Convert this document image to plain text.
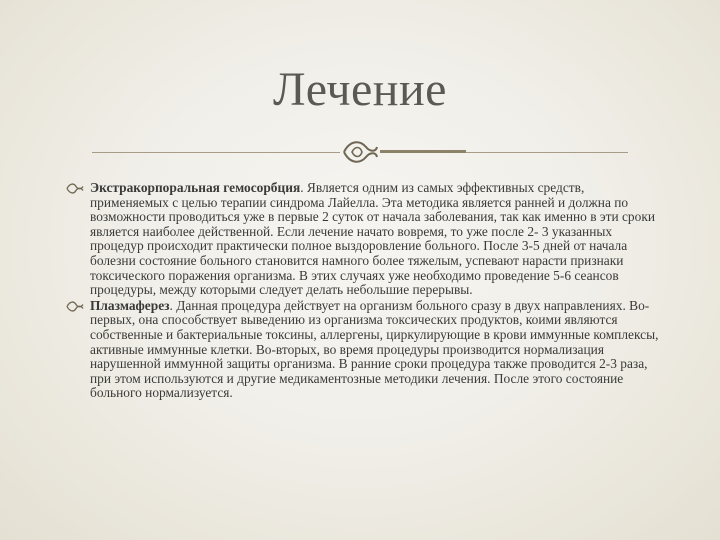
Лечение
Экстракорпоральная гемосорбция. Является одним из самых эффективных средств, применяемых с целью терапии синдрома Лайелла. Эта методика является ранней и должна по возможности проводиться уже в первые 2 суток от начала заболевания, так как именно в эти сроки является наиболее действенной. Если лечение начато вовремя, то уже после 2- 3 указанных процедур происходит практически полное выздоровление больного. После 3-5 дней от начала болезни состояние больного становится намного более тяжелым, успевают нарасти признаки токсического поражения организма. В этих случаях уже необходимо проведение 5-6 сеансов процедуры, между которыми следует делать небольшие перерывы.
Плазмаферез. Данная процедура действует на организм больного сразу в двух направлениях. Во-первых, она способствует выведению из организма токсических продуктов, коими являются собственные и бактериальные токсины, аллергены, циркулирующие в крови иммунные комплексы, активные иммунные клетки. Во-вторых, во время процедуры производится нормализация нарушенной иммунной защиты организма. В ранние сроки процедура также проводится 2-3 раза, при этом используются и другие медикаментозные методики лечения. После этого состояние больного нормализуется.
